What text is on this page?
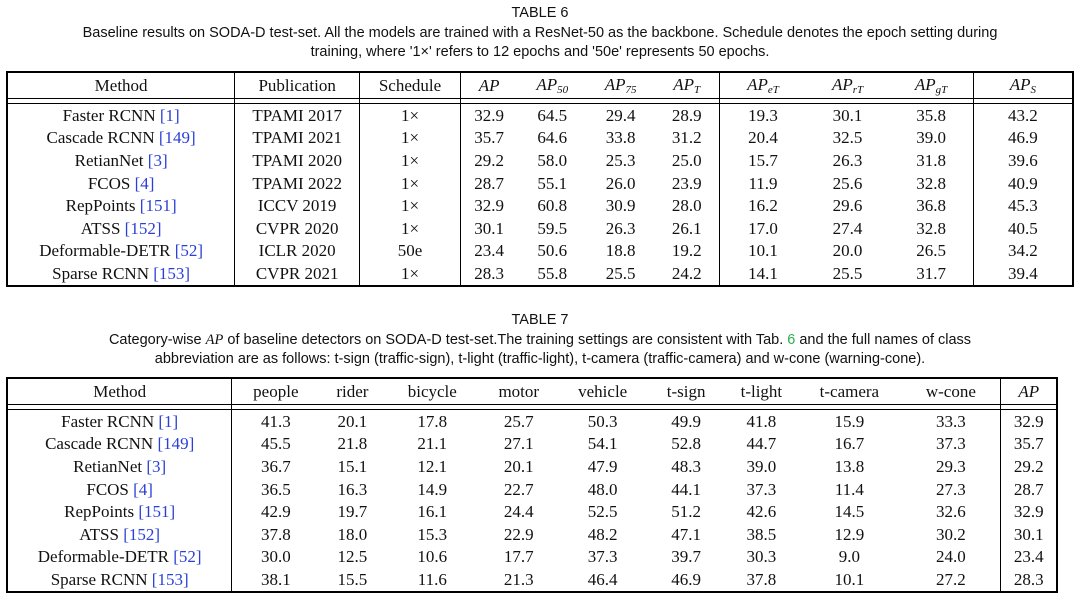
TABLE 6
Baseline results on SODA-D test-set. All the models are trained with a ResNet-50 as the backbone. Schedule denotes the epoch setting during
training, where '1×' refers to 12 epochs and '50e' represents 50 epochs.
Method	Publication	Schedule	AP	$AP_{50}$	$AP_{75}$	$AP_T$	$AP_{eT}$	$AP_{rT}$	$AP_{gT}$	$AP_S$

Faster RCNN [1]	TPAMI 2017	1×	32.9	64.5	29.4	28.9	19.3	30.1	35.8	43.2
Cascade RCNN [149]	TPAMI 2021	1×	35.7	64.6	33.8	31.2	20.4	32.5	39.0	46.9
RetianNet [3]	TPAMI 2020	1×	29.2	58.0	25.3	25.0	15.7	26.3	31.8	39.6
FCOS [4]	TPAMI 2022	1×	28.7	55.1	26.0	23.9	11.9	25.6	32.8	40.9
RepPoints [151]	ICCV 2019	1×	32.9	60.8	30.9	28.0	16.2	29.6	36.8	45.3
ATSS [152]	CVPR 2020	1×	30.1	59.5	26.3	26.1	17.0	27.4	32.8	40.5
Deformable-DETR [52]	ICLR 2020	50e	23.4	50.6	18.8	19.2	10.1	20.0	26.5	34.2
Sparse RCNN [153]	CVPR 2021	1×	28.3	55.8	25.5	24.2	14.1	25.5	31.7	39.4
TABLE 7
Category-wise AP of baseline detectors on SODA-D test-set.The training settings are consistent with Tab. 6 and the full names of class
abbreviation are as follows: t-sign (traffic-sign), t-light (traffic-light), t-camera (traffic-camera) and w-cone (warning-cone).
Method	people	rider	bicycle	motor	vehicle	t-sign	t-light	t-camera	w-cone	AP

Faster RCNN [1]	41.3	20.1	17.8	25.7	50.3	49.9	41.8	15.9	33.3	32.9
Cascade RCNN [149]	45.5	21.8	21.1	27.1	54.1	52.8	44.7	16.7	37.3	35.7
RetianNet [3]	36.7	15.1	12.1	20.1	47.9	48.3	39.0	13.8	29.3	29.2
FCOS [4]	36.5	16.3	14.9	22.7	48.0	44.1	37.3	11.4	27.3	28.7
RepPoints [151]	42.9	19.7	16.1	24.4	52.5	51.2	42.6	14.5	32.6	32.9
ATSS [152]	37.8	18.0	15.3	22.9	48.2	47.1	38.5	12.9	30.2	30.1
Deformable-DETR [52]	30.0	12.5	10.6	17.7	37.3	39.7	30.3	9.0	24.0	23.4
Sparse RCNN [153]	38.1	15.5	11.6	21.3	46.4	46.9	37.8	10.1	27.2	28.3
